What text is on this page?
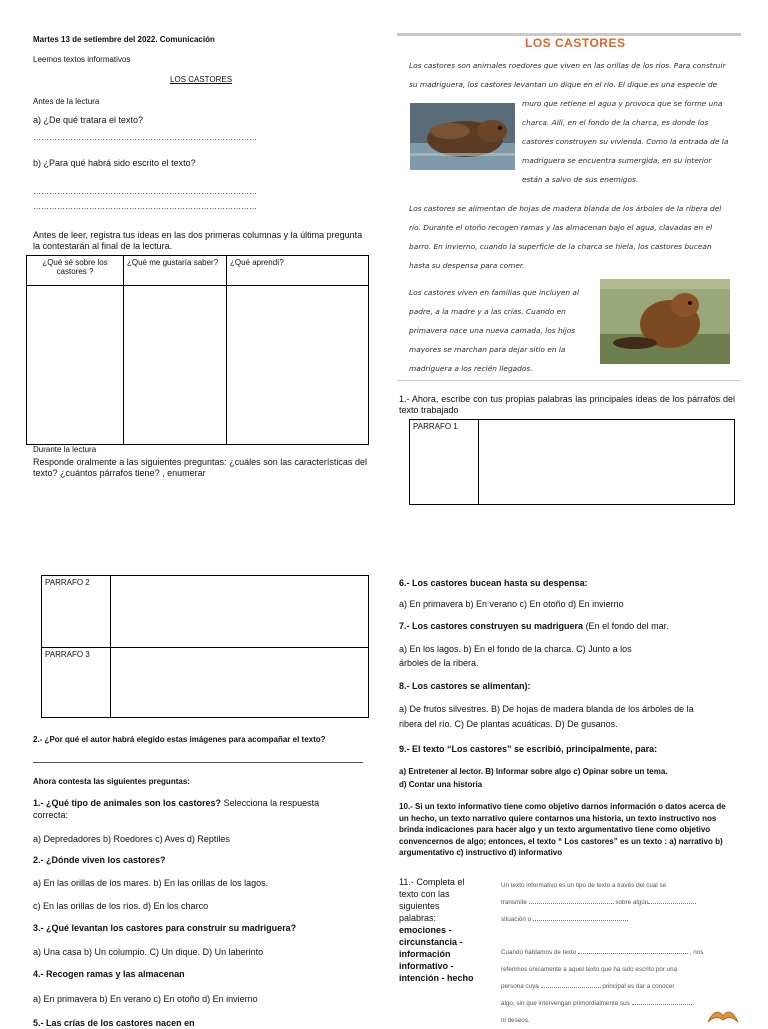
Martes 13 de setiembre del 2022. Comunicación
Leemos textos informativos
LOS CASTORES
Antes de la lectura
a) ¿De qué tratara el texto?
…………………………………………………………………………
b) ¿Para qué habrá sido escrito el texto?
…………………………………………………………………………
…………………………………………………………………………
Antes de leer, registra tus ideas en las dos primeras columnas y la última pregunta la contestarán al final de la lectura.
¿Qué sé sobre los castores ?	¿Qué me gustaría saber?	¿Qué aprendí?

Durante la lectura
Responde oralmente a las siguientes preguntas: ¿cuáles son las características del texto? ¿cuántos párrafos tiene? , enumerar
LOS CASTORES
Los castores son animales roedores que viven en las orillas de los ríos. Para construir
su madriguera, los castores levantan un dique en el río. El dique es una especie de
muro que retiene el agua y provoca que se forme una
charca. Allí, en el fondo de la charca, es donde los
castores construyen su vivienda. Como la entrada de la
madriguera se encuentra sumergida, en su interior
están a salvo de sus enemigos.
Los castores se alimentan de hojas de madera blanda de los árboles de la ribera del
río. Durante el otoño recogen ramas y las almacenan bajo el agua, clavadas en el
barro. En invierno, cuando la superficie de la charca se hiela, los castores bucean
hasta su despensa para comer.
Los castores viven en familias que incluyen al
padre, a la madre y a las crías. Cuando en
primavera nace una nueva camada, los hijos
mayores se marchan para dejar sitio en la
madriguera a los recién llegados.
1.- Ahora, escribe con tus propias palabras las principales ideas de los párrafos del texto trabajado
PARRAFO 1	
PARRAFO 2	
PARRAFO 3	
2.- ¿Por qué el autor habrá elegido estas imágenes para acompañar el texto?
Ahora contesta las siguientes preguntas:
1.- ¿Qué tipo de animales son los castores? Selecciona la respuesta correcta:
a) Depredadores b) Roedores c) Aves d) Reptiles
2.- ¿Dónde viven los castores?
a) En las orillas de los mares. b) En las orillas de los lagos.
c) En las orillas de los ríos. d) En los charco
3.- ¿Qué levantan los castores para construir su madriguera?
a) Una casa b) Un columpio. C) Un dique. D) Un laberinto
4.- Recogen ramas y las almacenan
a) En primavera b) En verano c) En otoño d) En invierno
5.- Las crías de los castores nacen en
6.- Los castores bucean hasta su despensa:
a) En primavera b) En verano c) En otoño d) En invierno
7.- Los castores construyen su madriguera (En el fondo del mar.
a) En los lagos. b) En el fondo de la charca. C) Junto a los
árboles de la ribera.
8.- Los castores se alimentan):
a) De frutos silvestres. B) De hojas de madera blanda de los árboles de la
ribera del río. C) De plantas acuáticas. D) De gusanos.
9.- El texto “Los castores” se escribió, principalmente, para:
a) Entretener al lector. B) Informar sobre algo c) Opinar sobre un tema.
d) Contar una historia
10.- Si un texto informativo tiene como objetivo darnos información o datos acerca de un hecho, un texto narrativo quiere contarnos una historia, un texto instructivo nos brinda indicaciones para hacer algo y un texto argumentativo tiene como objetivo convencernos de algo; entonces, el texto “ Los castores” es un texto : a) narrativo b) argumentativo c) instructivo d) informativo
11.- Completa el texto con las siguientes palabras:
emociones - circunstancia - información informativo - intención - hecho
Un texto informativo es un tipo de texto a través del cual se
transmite	sobre algún
situación o
Cuando hablamos de texto	, nos
referimos únicamente a aquel texto que ha sido escrito por una
persona cuya	principal es dar a conocer
algo, sin que intervengan primordialmente sus
ni deseos.
